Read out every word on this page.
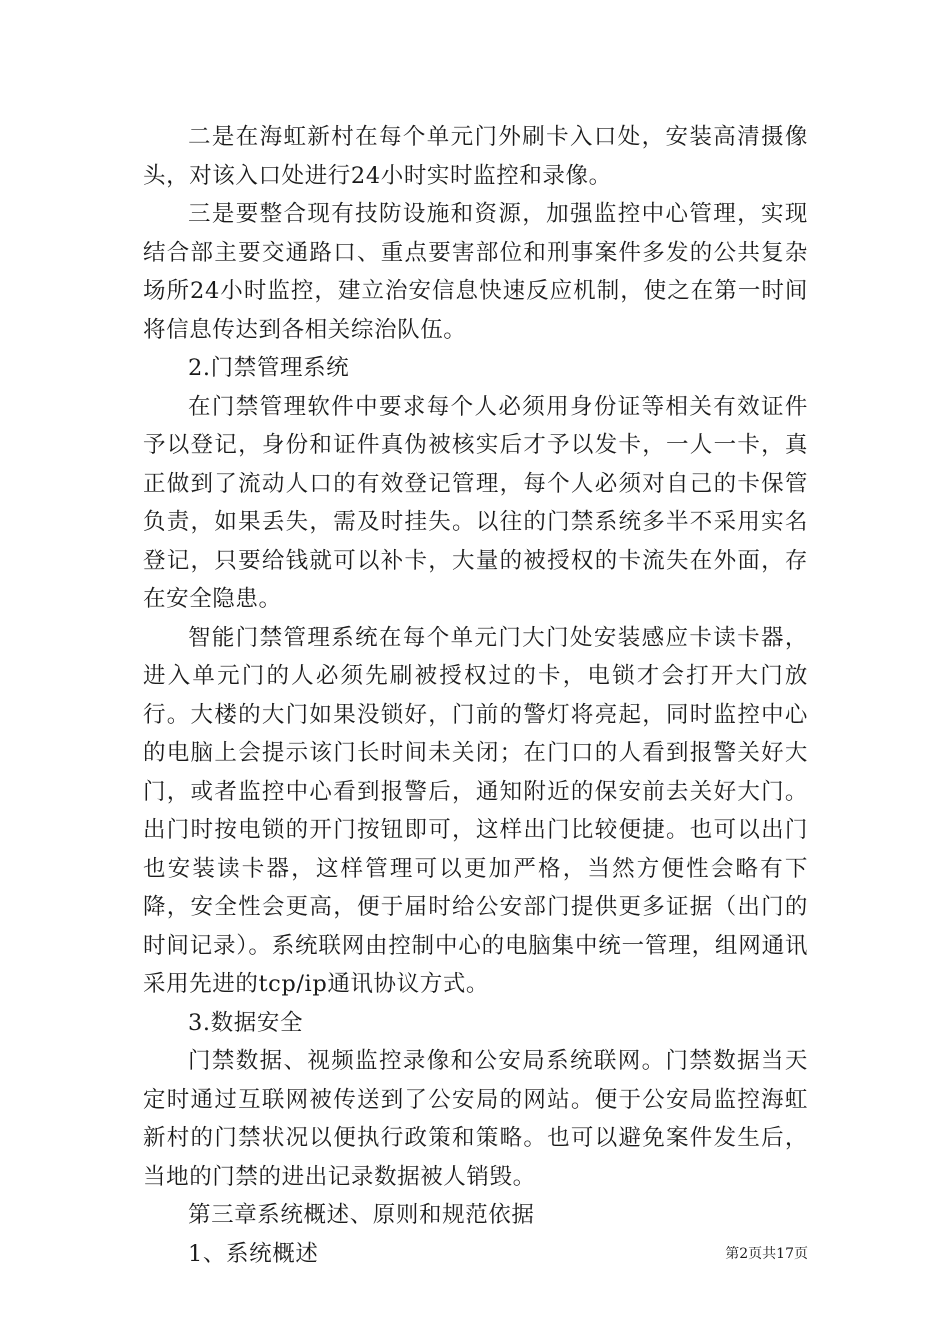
二是在海虹新村在每个单元门外刷卡入口处，安装高清摄像头，对该入口处进行24小时实时监控和录像。

三是要整合现有技防设施和资源，加强监控中心管理，实现结合部主要交通路口、重点要害部位和刑事案件多发的公共复杂场所24小时监控，建立治安信息快速反应机制，使之在第一时间将信息传达到各相关综治队伍。

2.门禁管理系统

在门禁管理软件中要求每个人必须用身份证等相关有效证件予以登记，身份和证件真伪被核实后才予以发卡，一人一卡，真正做到了流动人口的有效登记管理，每个人必须对自己的卡保管负责，如果丢失，需及时挂失。以往的门禁系统多半不采用实名登记，只要给钱就可以补卡，大量的被授权的卡流失在外面，存在安全隐患。

智能门禁管理系统在每个单元门大门处安装感应卡读卡器，进入单元门的人必须先刷被授权过的卡，电锁才会打开大门放行。大楼的大门如果没锁好，门前的警灯将亮起，同时监控中心的电脑上会提示该门长时间未关闭；在门口的人看到报警关好大门，或者监控中心看到报警后，通知附近的保安前去关好大门。出门时按电锁的开门按钮即可，这样出门比较便捷。也可以出门也安装读卡器，这样管理可以更加严格，当然方便性会略有下降，安全性会更高，便于届时给公安部门提供更多证据（出门的时间记录）。系统联网由控制中心的电脑集中统一管理，组网通讯采用先进的tcp/ip通讯协议方式。

3.数据安全

门禁数据、视频监控录像和公安局系统联网。门禁数据当天定时通过互联网被传送到了公安局的网站。便于公安局监控海虹新村的门禁状况以便执行政策和策略。也可以避免案件发生后，当地的门禁的进出记录数据被人销毁。

第三章系统概述、原则和规范依据

1、系统概述	第2页共17页
